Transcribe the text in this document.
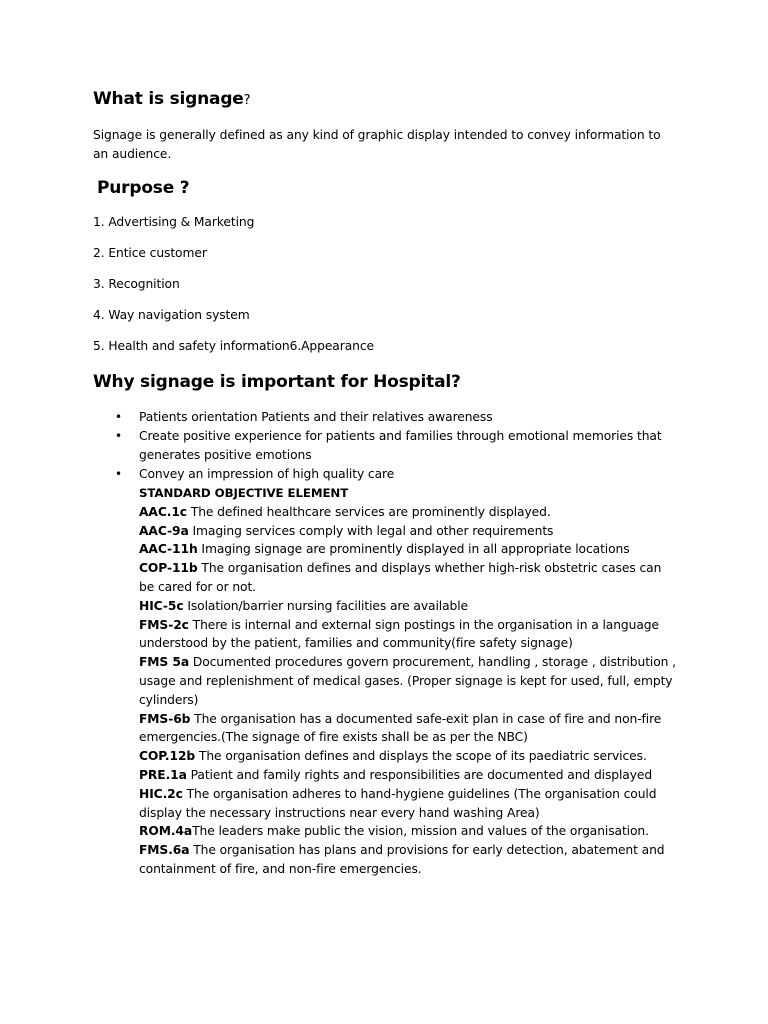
What is signage?
Signage is generally defined as any kind of graphic display intended to convey information to an audience.
Purpose ?
1. Advertising & Marketing
2. Entice customer
3. Recognition
4. Way navigation system
5. Health and safety information6.Appearance
Why signage is important for Hospital?
• Patients orientation Patients and their relatives awareness
• Create positive experience for patients and families through emotional memories that generates positive emotions
• Convey an impression of high quality care
STANDARD OBJECTIVE ELEMENT
AAC.1c The defined healthcare services are prominently displayed.
AAC-9a Imaging services comply with legal and other requirements
AAC-11h Imaging signage are prominently displayed in all appropriate locations
COP-11b The organisation defines and displays whether high-risk obstetric cases can be cared for or not.
HIC-5c Isolation/barrier nursing facilities are available
FMS-2c There is internal and external sign postings in the organisation in a language understood by the patient, families and community(fire safety signage)
FMS 5a Documented procedures govern procurement, handling , storage , distribution , usage and replenishment of medical gases. (Proper signage is kept for used, full, empty cylinders)
FMS-6b The organisation has a documented safe-exit plan in case of fire and non-fire emergencies.(The signage of fire exists shall be as per the NBC)
COP.12b The organisation defines and displays the scope of its paediatric services.
PRE.1a Patient and family rights and responsibilities are documented and displayed
HIC.2c The organisation adheres to hand-hygiene guidelines (The organisation could display the necessary instructions near every hand washing Area)
ROM.4aThe leaders make public the vision, mission and values of the organisation.
FMS.6a The organisation has plans and provisions for early detection, abatement and containment of fire, and non-fire emergencies.
